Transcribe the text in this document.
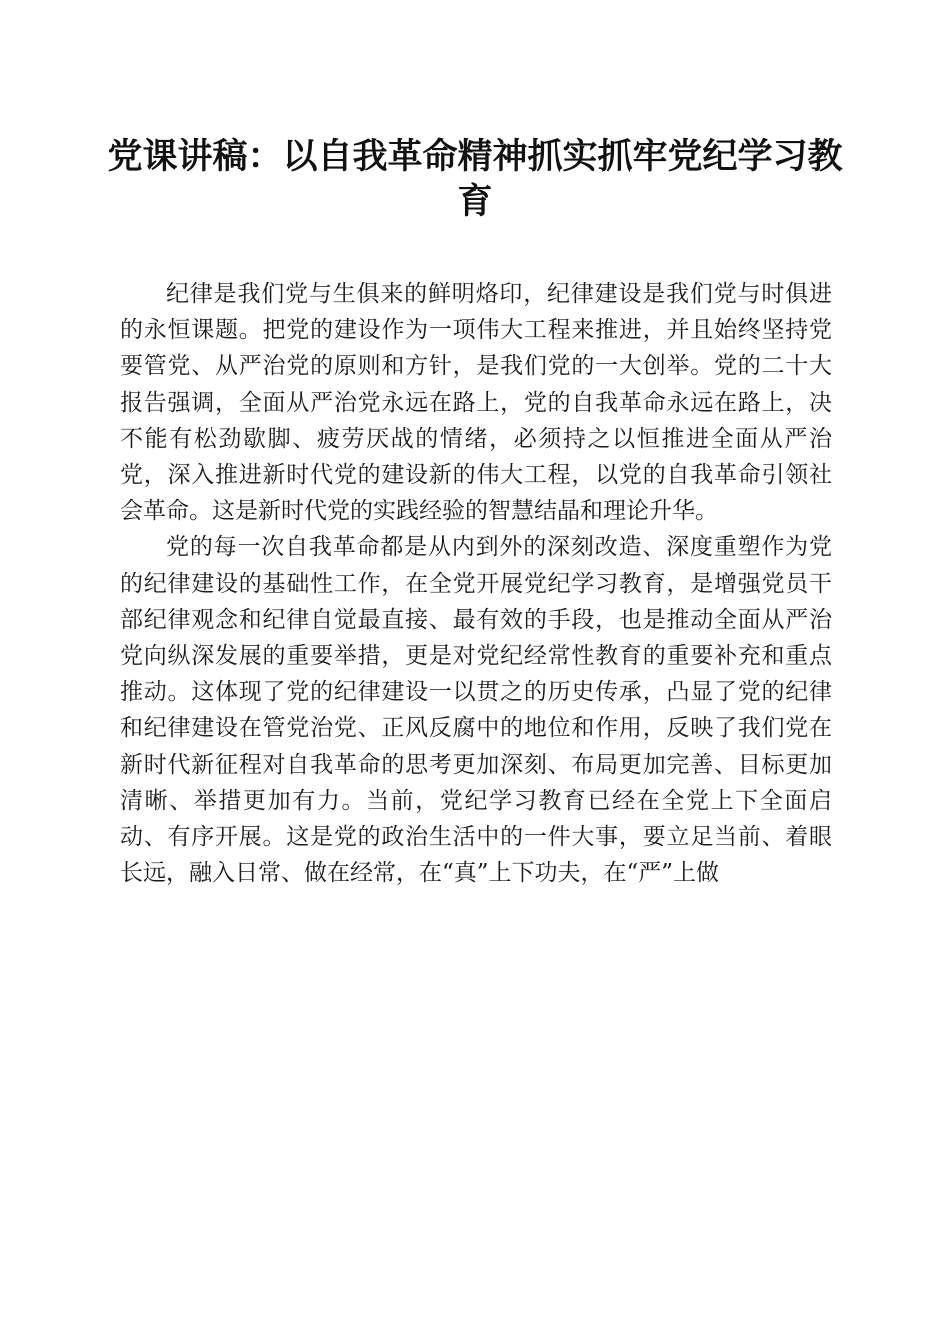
党课讲稿：以自我革命精神抓实抓牢党纪学习教育

纪律是我们党与生俱来的鲜明烙印，纪律建设是我们党与时俱进的永恒课题。把党的建设作为一项伟大工程来推进，并且始终坚持党要管党、从严治党的原则和方针，是我们党的一大创举。党的二十大报告强调，全面从严治党永远在路上，党的自我革命永远在路上，决不能有松劲歇脚、疲劳厌战的情绪，必须持之以恒推进全面从严治党，深入推进新时代党的建设新的伟大工程，以党的自我革命引领社会革命。这是新时代党的实践经验的智慧结晶和理论升华。

党的每一次自我革命都是从内到外的深刻改造、深度重塑作为党的纪律建设的基础性工作，在全党开展党纪学习教育，是增强党员干部纪律观念和纪律自觉最直接、最有效的手段，也是推动全面从严治党向纵深发展的重要举措，更是对党纪经常性教育的重要补充和重点推动。这体现了党的纪律建设一以贯之的历史传承，凸显了党的纪律和纪律建设在管党治党、正风反腐中的地位和作用，反映了我们党在新时代新征程对自我革命的思考更加深刻、布局更加完善、目标更加清晰、举措更加有力。当前，党纪学习教育已经在全党上下全面启动、有序开展。这是党的政治生活中的一件大事，要立足当前、着眼长远，融入日常、做在经常，在“真”上下功夫，在“严”上做
